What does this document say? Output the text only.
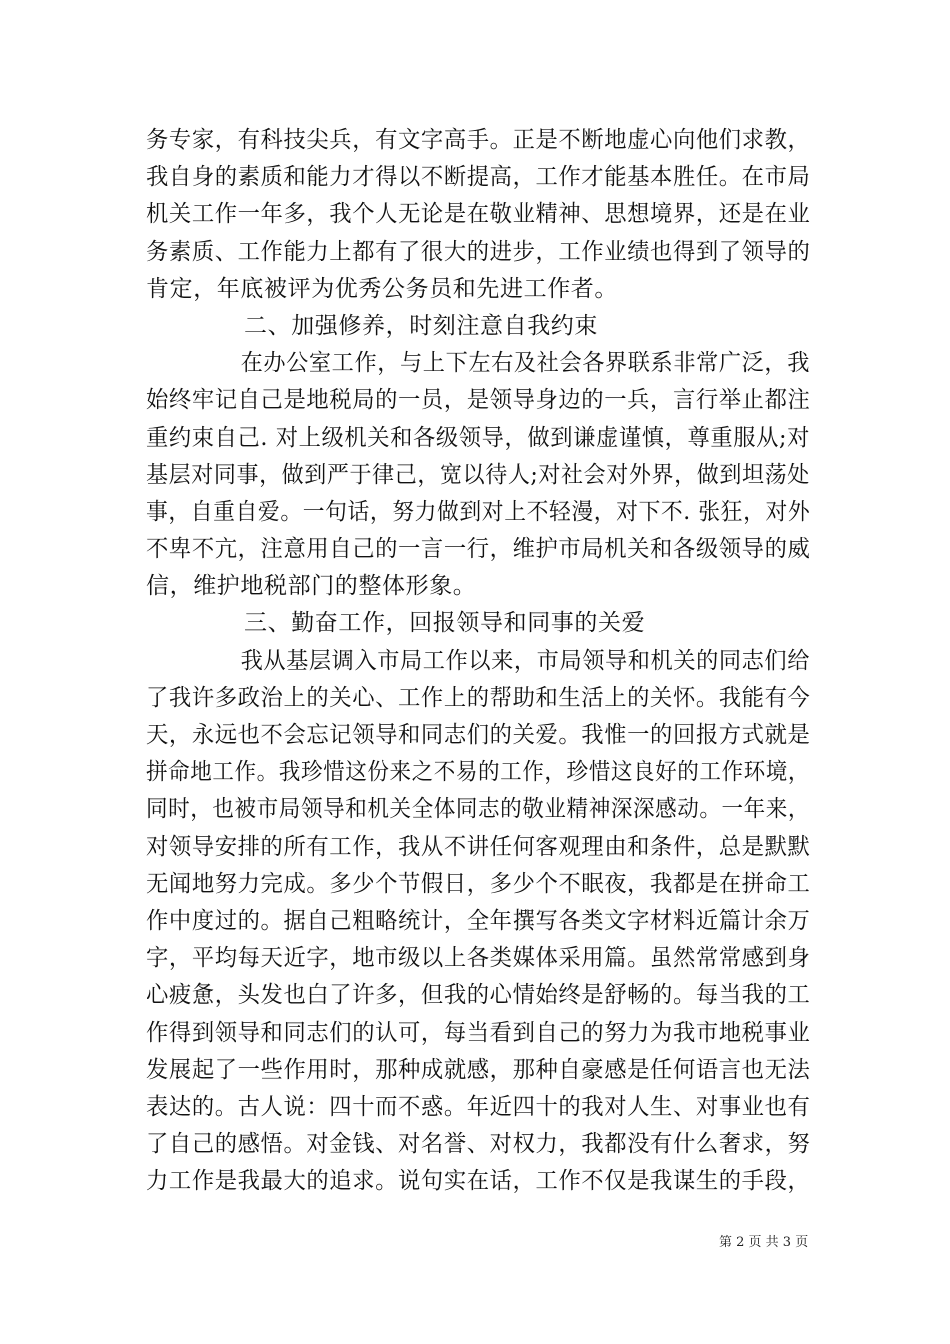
务专家，有科技尖兵，有文字高手。正是不断地虚心向他们求教，
我自身的素质和能力才得以不断提高，工作才能基本胜任。在市局
机关工作一年多，我个人无论是在敬业精神、思想境界，还是在业
务素质、工作能力上都有了很大的进步，工作业绩也得到了领导的
肯定，年底被评为优秀公务员和先进工作者。
二、加强修养，时刻注意自我约束
在办公室工作，与上下左右及社会各界联系非常广泛，我
始终牢记自己是地税局的一员，是领导身边的一兵，言行举止都注
重约束自己. 对上级机关和各级领导，做到谦虚谨慎，尊重服从;对
基层对同事，做到严于律己，宽以待人;对社会对外界，做到坦荡处
事，自重自爱。一句话，努力做到对上不轻漫，对下不. 张狂，对外
不卑不亢，注意用自己的一言一行，维护市局机关和各级领导的威
信，维护地税部门的整体形象。
三、勤奋工作，回报领导和同事的关爱
我从基层调入市局工作以来，市局领导和机关的同志们给
了我许多政治上的关心、工作上的帮助和生活上的关怀。我能有今
天，永远也不会忘记领导和同志们的关爱。我惟一的回报方式就是
拼命地工作。我珍惜这份来之不易的工作，珍惜这良好的工作环境，
同时，也被市局领导和机关全体同志的敬业精神深深感动。一年来，
对领导安排的所有工作，我从不讲任何客观理由和条件，总是默默
无闻地努力完成。多少个节假日，多少个不眠夜，我都是在拼命工
作中度过的。据自己粗略统计，全年撰写各类文字材料近篇计余万
字，平均每天近字，地市级以上各类媒体采用篇。虽然常常感到身
心疲惫，头发也白了许多，但我的心情始终是舒畅的。每当我的工
作得到领导和同志们的认可，每当看到自己的努力为我市地税事业
发展起了一些作用时，那种成就感，那种自豪感是任何语言也无法
表达的。古人说：四十而不惑。年近四十的我对人生、对事业也有
了自己的感悟。对金钱、对名誉、对权力，我都没有什么奢求，努
力工作是我最大的追求。说句实在话，工作不仅是我谋生的手段，
第 2 页 共 3 页
